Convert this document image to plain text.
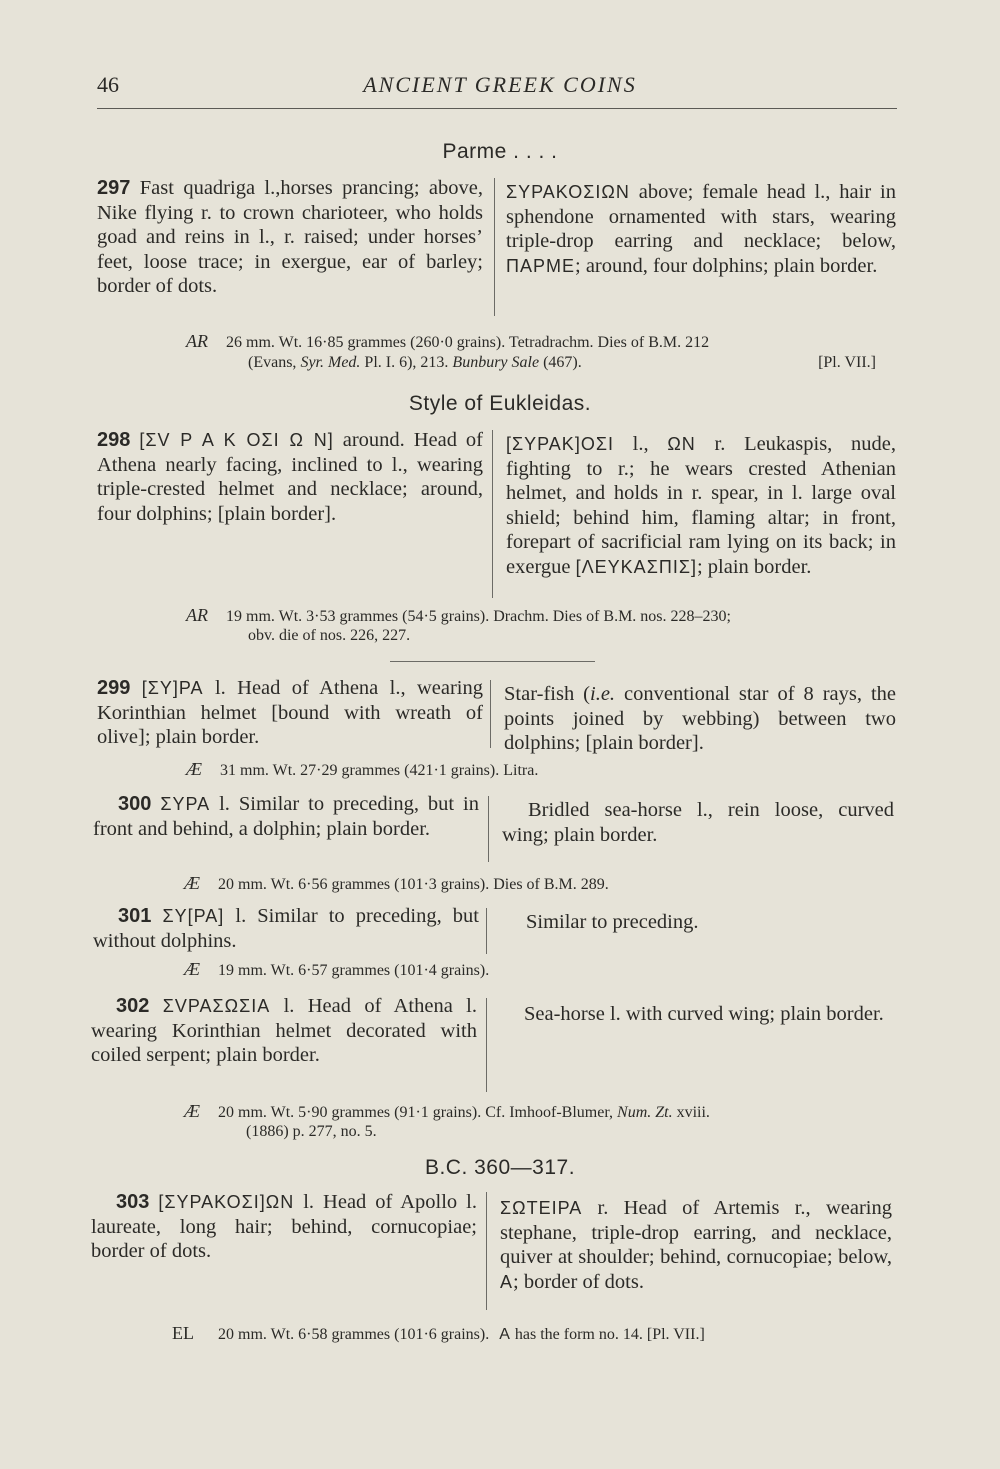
46	ANCIENT GREEK COINS
Parme . . . .
297 Fast quadriga l.,horses prancing; above, Nike flying r. to crown charioteer, who holds goad and reins in l., r. raised; under horses’ feet, loose trace; in exergue, ear of barley; border of dots.
ΣΥΡΑΚΟΣΙΩΝ above; female head l., hair in sphendone ornamented with stars, wearing triple-drop earring and necklace; below, ΠΑΡΜΕ; around, four dolphins; plain border.
AR 26 mm. Wt. 16·85 grammes (260·0 grains). Tetradrachm. Dies of B.M. 212
(Evans, Syr. Med. Pl. I. 6), 213. Bunbury Sale (467).	[Pl. VII.]
Style of Eukleidas.
298 [ΣV Ρ Α Κ ΟΣΙ Ω Ν] around. Head of Athena nearly facing, inclined to l., wearing triple-crested helmet and necklace; around, four dolphins; [plain border].
[ΣΥΡΑΚ]ΟΣΙ l., ΩΝ r. Leukaspis, nude, fighting to r.; he wears crested Athenian helmet, and holds in r. spear, in l. large oval shield; behind him, flaming altar; in front, forepart of sacrificial ram lying on its back; in exergue [ΛΕΥΚΑΣΠΙΣ]; plain border.
AR 19 mm. Wt. 3·53 grammes (54·5 grains). Drachm. Dies of B.M. nos. 228–230;
obv. die of nos. 226, 227.
299 [ΣΥ]ΡΑ l. Head of Athena l., wearing Korinthian helmet [bound with wreath of olive]; plain border.
Star-fish (i.e. conventional star of 8 rays, the points joined by webbing) between two dolphins; [plain border].
Æ 31 mm. Wt. 27·29 grammes (421·1 grains). Litra.
300 ΣΥΡΑ l. Similar to preceding, but in front and behind, a dolphin; plain border.
Bridled sea-horse l., rein loose, curved wing; plain border.
Æ 20 mm. Wt. 6·56 grammes (101·3 grains). Dies of B.M. 289.
301 ΣΥ[ΡΑ] l. Similar to preceding, but without dolphins.
Similar to preceding.
Æ 19 mm. Wt. 6·57 grammes (101·4 grains).
302 ΣVΡΑΣΩΣΙΑ l. Head of Athena l. wearing Korinthian helmet decorated with coiled serpent; plain border.
Sea-horse l. with curved wing; plain border.
Æ 20 mm. Wt. 5·90 grammes (91·1 grains). Cf. Imhoof-Blumer, Num. Zt. xviii.
(1886) p. 277, no. 5.
B.C. 360—317.
303 [ΣΥΡΑΚΟΣΙ]ΩΝ l. Head of Apollo l. laureate, long hair; behind, cornucopiae; border of dots.
ΣΩΤΕΙΡΑ r. Head of Artemis r., wearing stephane, triple-drop earring, and necklace, quiver at shoulder; behind, cornucopiae; below, Α; border of dots.
EL 20 mm. Wt. 6·58 grammes (101·6 grains). Α has the form no. 14. [Pl. VII.]
